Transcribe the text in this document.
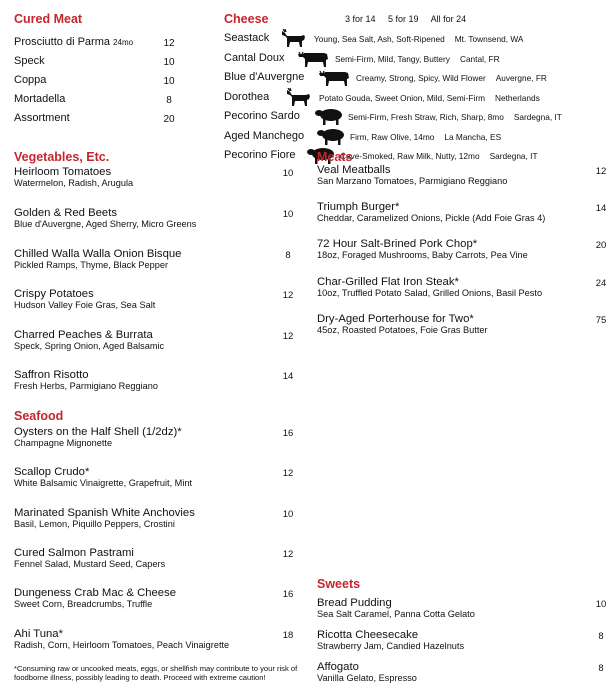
Cured Meat
Prosciutto di Parma 24mo	12
Speck	10
Coppa	10
Mortadella	8
Assortment	20
Cheese	3 for 14 5 for 19 All for 24
Seastack	Young, Sea Salt, Ash, Soft-Ripened Mt. Townsend, WA
Cantal Doux	Semi-Firm, Mild, Tangy, Buttery Cantal, FR
Blue d'Auvergne	Creamy, Strong, Spicy, Wild Flower Auvergne, FR
Dorothea	Potato Gouda, Sweet Onion, Mild, Semi-Firm Netherlands
Pecorino Sardo	Semi-Firm, Fresh Straw, Rich, Sharp, 8mo Sardegna, IT
Aged Manchego	Firm, Raw Olive, 14mo La Mancha, ES
Pecorino Fiore	Cave-Smoked, Raw Milk, Nutty, 12mo Sardegna, IT
Vegetables, Etc.
Heirloom Tomatoes
Watermelon, Radish, Arugula
10
Golden & Red Beets
Blue d'Auvergne, Aged Sherry, Micro Greens
10
Chilled Walla Walla Onion Bisque
Pickled Ramps, Thyme, Black Pepper
8
Crispy Potatoes
Hudson Valley Foie Gras, Sea Salt
12
Charred Peaches & Burrata
Speck, Spring Onion, Aged Balsamic
12
Saffron Risotto
Fresh Herbs, Parmigiano Reggiano
14
Seafood
Oysters on the Half Shell (1/2dz)*
Champagne Mignonette
16
Scallop Crudo*
White Balsamic Vinaigrette, Grapefruit, Mint
12
Marinated Spanish White Anchovies
Basil, Lemon, Piquillo Peppers, Crostini
10
Cured Salmon Pastrami
Fennel Salad, Mustard Seed, Capers
12
Dungeness Crab Mac & Cheese
Sweet Corn, Breadcrumbs, Truffle
16
Ahi Tuna*
Radish, Corn, Heirloom Tomatoes, Peach Vinaigrette
18
*Consuming raw or uncooked meats, eggs, or shellfish may contribute to your risk of foodborne illness, possibly leading to death. Proceed with extreme caution!
Meats
Veal Meatballs
San Marzano Tomatoes, Parmigiano Reggiano
12
Triumph Burger*
Cheddar, Caramelized Onions, Pickle (Add Foie Gras 4)
14
72 Hour Salt-Brined Pork Chop*
18oz, Foraged Mushrooms, Baby Carrots, Pea Vine
20
Char-Grilled Flat Iron Steak*
10oz, Truffled Potato Salad, Grilled Onions, Basil Pesto
24
Dry-Aged Porterhouse for Two*
45oz, Roasted Potatoes, Foie Gras Butter
75
Sweets
Bread Pudding
Sea Salt Caramel, Panna Cotta Gelato
10
Ricotta Cheesecake
Strawberry Jam, Candied Hazelnuts
8
Affogato
Vanilla Gelato, Espresso
8
